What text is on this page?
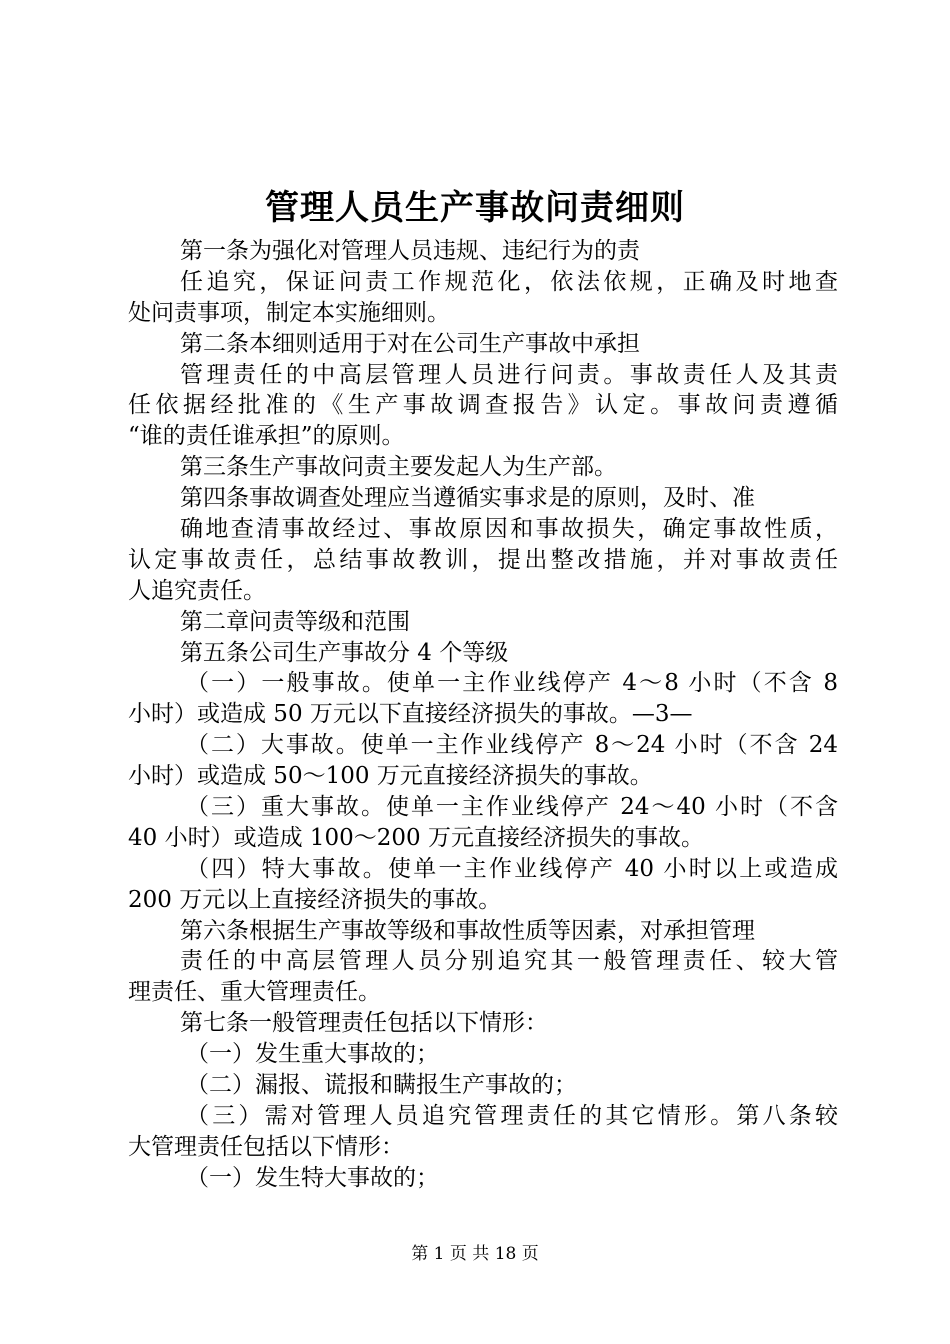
管理人员生产事故问责细则
第一条为强化对管理人员违规、违纪行为的责
任追究，保证问责工作规范化，依法依规，正确及时地查
处问责事项，制定本实施细则。
第二条本细则适用于对在公司生产事故中承担
管理责任的中高层管理人员进行问责。事故责任人及其责
任依据经批准的《生产事故调查报告》认定。事故问责遵循
“谁的责任谁承担”的原则。
第三条生产事故问责主要发起人为生产部。
第四条事故调查处理应当遵循实事求是的原则，及时、准
确地查清事故经过、事故原因和事故损失，确定事故性质，
认定事故责任，总结事故教训，提出整改措施，并对事故责任
人追究责任。
第二章问责等级和范围
第五条公司生产事故分 4 个等级
（一）一般事故。使单一主作业线停产 4～8 小时（不含 8
小时）或造成 50 万元以下直接经济损失的事故。—3—
（二）大事故。使单一主作业线停产 8～24 小时（不含 24
小时）或造成 50～100 万元直接经济损失的事故。
（三）重大事故。使单一主作业线停产 24～40 小时（不含
40 小时）或造成 100～200 万元直接经济损失的事故。
（四）特大事故。使单一主作业线停产 40 小时以上或造成
200 万元以上直接经济损失的事故。
第六条根据生产事故等级和事故性质等因素，对承担管理
责任的中高层管理人员分别追究其一般管理责任、较大管
理责任、重大管理责任。
第七条一般管理责任包括以下情形：
（一）发生重大事故的；
（二）漏报、谎报和瞒报生产事故的；
（三）需对管理人员追究管理责任的其它情形。第八条较
大管理责任包括以下情形：
（一）发生特大事故的；
第 1 页 共 18 页
